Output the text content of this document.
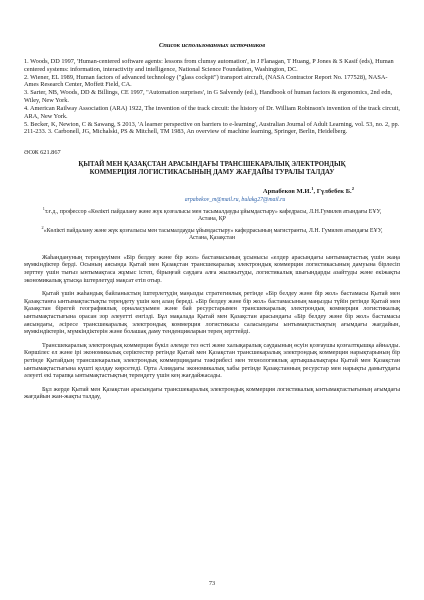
Список использованных источников
1. Woods, DD 1997, 'Human-centered software agents: lessons from clumsy automation', in J Flanagan, T Huang, P Jones & S Kasif (eds), Human centered systems: information, interactivity and intelligence, National Science Foundation, Washington, DC.
2. Wiener, EL 1989, Human factors of advanced technology ("glass cockpit") transport aircraft, (NASA Contractor Report No. 177528), NASA-Ames Research Center, Moffett Field, CA.
3. Sarter, NB, Woods, DD & Billings, CE 1997, "Automation surprises', in G Salvendy (ed.), Handbook of human factors & ergonomics, 2nd edn, Wiley, New York.
4. American Railway Association (ARA) 1922, The invention of the track circuit: the history of Dr. William Robinson's invention of the track circuit, ARA, New York.
5. Becker, K, Newton, C & Sawang, S 2013, 'A learner perspective on barriers to e-learning', Australian Journal of Adult Learning, vol. 53, no. 2, pp. 211-233. 3. Carbonell, JG, Michalski, PS & Mitchell, TM 1983, An overview of machine learning, Springer, Berlin, Heidelberg.
ӘОЖ 621.867
ҚЫТАЙ МЕН ҚАЗАҚСТАН АРАСЫНДАҒЫ ТРАНСШЕКАРАЛЫҚ ЭЛЕКТРОНДЫҚ
КОММЕРЦИЯ ЛОГИСТИКАСЫНЫҢ ДАМУ ЖАҒДАЙЫ ТУРАЛЫ ТАЛДАУ
Арпабеков М.И.$^1$, Гүлбебек Б.$^2$
arpabekov_m@mail.ru, bulakg27@mail.ru
$^1$т.ғ.д., профессор «Көлікті пайдалану және жүк қозғалысы мен тасымалдауды ұйымдастыру» кафедрасы, Л.Н.Гумилев атындағы ЕҰУ, Астана, ҚР
$^2$«Көлікті пайдалану және жүк қозғалысы мен тасымалдауды ұйымдастыру» кафедрасының магистранты, Л.Н. Гумилев атындағы ЕҰУ, Астана, Қазақстан

Жаһандануның тереңдеуімен «Бір белдеу және бір жол» бастамасының ұсынысы «елдер арасындағы ынтымақтастық үшін жаңа мүмкіндіктер берді. Осының аясында Қытай мен Қазақстан трансшекаралық электрондық коммерция логистикасының дамуына бірлесіп зерттеу үшін тығыз ынтымақтаса жұмыс істеп, бірыңғай саудаға алға жылжытуды, логистикалық шығындарды азайтуды және екіжақты экономикалық ұтысқа іштерлетуді мақсат етіп отыр.

Қытай үшін жаһандық байланыстың іштерлетудің маңызды стратегиялық ретінде «Бір белдеу және бір жол» бастамасы Қытай мен Қазақстанға ынтымақтастықты тереңдету үшін кең алаң береді. «Бір белдеу және бір жол» бастамасының маңызды түйін ретінде Қытай мен Қазақстан бірегей географиялық орналасуымен және бай ресурстарымен трансшекаралық электрондық коммерция логистикалық ынтымақтастығына орасан зор әлеуетті енгізді. Бұл мақалада Қытай мен Қазақстан арасындағы «Бір белдеу және бір жол» бастамасы аясындағы, әсіресе трансшекаралық электрондық коммерция логистикасы саласындағы ынтымақтастықтың ағымдағы жағдайын, мүмкіндіктерін, мүмкіндіктерін және болашақ даму тенденцияларын терең зерттейді.

Трансшекаралық электрондық коммерция бүкіл әлемде тез өсті және халықаралық саудаының өсуін қозғаушы қозғалтқышқа айналды. Көршілес ел және ірі экономикалық серіктестер ретінде Қытай мен Қазақстан трансшекаралық электрондық коммерция нарықтарының бір ретінде Қытайдың трансшекаралық электрондық коммерциядағы тәжірибесі мен технологиялық артықшылықтары Қытай мен Қазақстан ынтымақтастығына күшті қолдау көрсетеді. Орта Азиядағы экономикалық хабы ретінде Қазақстанның ресурстар мен нарықты дамытудағы әлеуеті екі тарапқа ынтымақтастықтың тереңдету үшін кең жағдайжасады.

Бұл жерде Қытай мен Қазақстан арасындағы трансшекаралық электрондық коммерция логистикалық ынтымақтастығының ағымдағы жағдайын жан-жақты талдау,

73
